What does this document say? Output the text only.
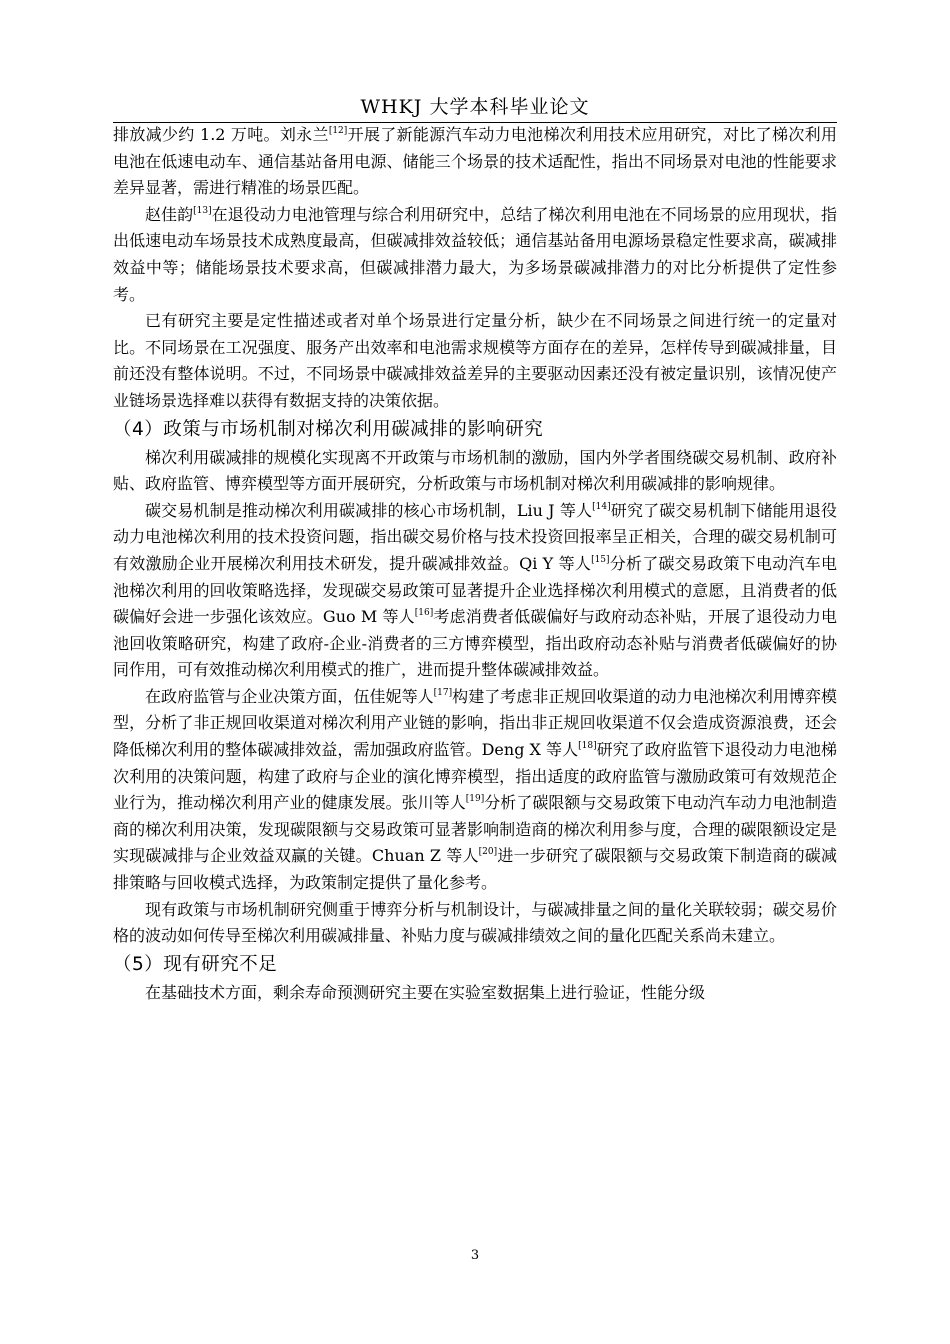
WHKJ 大学本科毕业论文

排放减少约 1.2 万吨。刘永兰[12]开展了新能源汽车动力电池梯次利用技术应用研究，对比了梯次利用电池在低速电动车、通信基站备用电源、储能三个场景的技术适配性，指出不同场景对电池的性能要求差异显著，需进行精准的场景匹配。

赵佳韵[13]在退役动力电池管理与综合利用研究中，总结了梯次利用电池在不同场景的应用现状，指出低速电动车场景技术成熟度最高，但碳减排效益较低；通信基站备用电源场景稳定性要求高，碳减排效益中等；储能场景技术要求高，但碳减排潜力最大，为多场景碳减排潜力的对比分析提供了定性参考。

已有研究主要是定性描述或者对单个场景进行定量分析，缺少在不同场景之间进行统一的定量对比。不同场景在工况强度、服务产出效率和电池需求规模等方面存在的差异，怎样传导到碳减排量，目前还没有整体说明。不过，不同场景中碳减排效益差异的主要驱动因素还没有被定量识别，该情况使产业链场景选择难以获得有数据支持的决策依据。

（4）政策与市场机制对梯次利用碳减排的影响研究

梯次利用碳减排的规模化实现离不开政策与市场机制的激励，国内外学者围绕碳交易机制、政府补贴、政府监管、博弈模型等方面开展研究，分析政策与市场机制对梯次利用碳减排的影响规律。

碳交易机制是推动梯次利用碳减排的核心市场机制，Liu J 等人[14]研究了碳交易机制下储能用退役动力电池梯次利用的技术投资问题，指出碳交易价格与技术投资回报率呈正相关，合理的碳交易机制可有效激励企业开展梯次利用技术研发，提升碳减排效益。Qi Y 等人[15]分析了碳交易政策下电动汽车电池梯次利用的回收策略选择，发现碳交易政策可显著提升企业选择梯次利用模式的意愿，且消费者的低碳偏好会进一步强化该效应。Guo M 等人[16]考虑消费者低碳偏好与政府动态补贴，开展了退役动力电池回收策略研究，构建了政府-企业-消费者的三方博弈模型，指出政府动态补贴与消费者低碳偏好的协同作用，可有效推动梯次利用模式的推广，进而提升整体碳减排效益。

在政府监管与企业决策方面，伍佳妮等人[17]构建了考虑非正规回收渠道的动力电池梯次利用博弈模型，分析了非正规回收渠道对梯次利用产业链的影响，指出非正规回收渠道不仅会造成资源浪费，还会降低梯次利用的整体碳减排效益，需加强政府监管。Deng X 等人[18]研究了政府监管下退役动力电池梯次利用的决策问题，构建了政府与企业的演化博弈模型，指出适度的政府监管与激励政策可有效规范企业行为，推动梯次利用产业的健康发展。张川等人[19]分析了碳限额与交易政策下电动汽车动力电池制造商的梯次利用决策，发现碳限额与交易政策可显著影响制造商的梯次利用参与度，合理的碳限额设定是实现碳减排与企业效益双赢的关键。Chuan Z 等人[20]进一步研究了碳限额与交易政策下制造商的碳减排策略与回收模式选择，为政策制定提供了量化参考。

现有政策与市场机制研究侧重于博弈分析与机制设计，与碳减排量之间的量化关联较弱；碳交易价格的波动如何传导至梯次利用碳减排量、补贴力度与碳减排绩效之间的量化匹配关系尚未建立。

（5）现有研究不足

在基础技术方面，剩余寿命预测研究主要在实验室数据集上进行验证，性能分级

3
